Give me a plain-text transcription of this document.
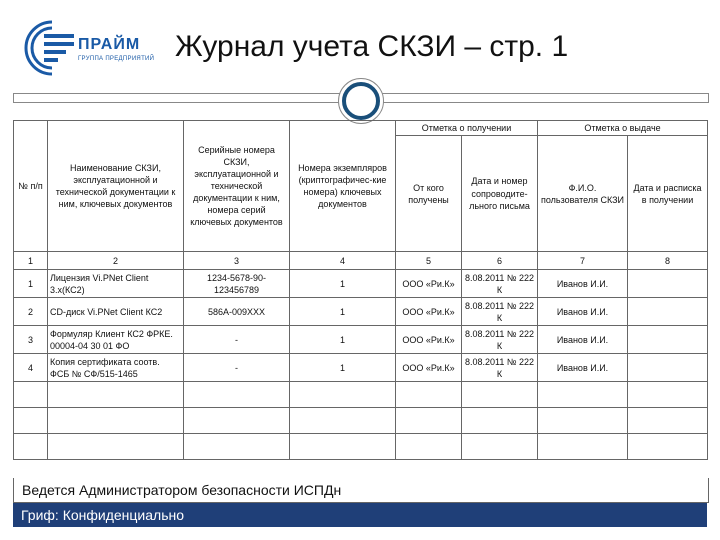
ПРАЙМ
ГРУППА ПРЕДПРИЯТИЙ Журнал учета СКЗИ – стр. 1
№ п/п	Наименование СКЗИ, эксплуатационной и технической документации к ним, ключевых документов	Серийные номера СКЗИ, эксплуатационной и технической документации к ним, номера серий ключевых документов	Номера экземпляров (криптографичес-кие номера) ключевых документов	Отметка о получении		Отметка о выдаче	
				От кого получены	Дата и номер сопроводите-льного письма	Ф.И.О. пользователя СКЗИ	Дата и расписка в получении
1	2	3	4	5	6	7	8
1	Лицензия Vi.PNet Client 3.х(КС2)	1234-5678-90-123456789	1	ООО «Ри.К»	8.08.2011 № 222 К	Иванов И.И.	
2	CD-диск Vi.PNet Client КС2	586А-009XXX	1	ООО «Ри.К»	8.08.2011 № 222 К	Иванов И.И.	
3	Формуляр Клиент КС2 ФРКЕ. 00004-04 30 01 ФО	-	1	ООО «Ри.К»	8.08.2011 № 222 К	Иванов И.И.	
4	Копия сертификата соотв. ФСБ № СФ/515-1465	-	1	ООО «Ри.К»	8.08.2011 № 222 К	Иванов И.И.	

Ведется Администратором безопасности ИСПДн
Гриф: Конфиденциально
